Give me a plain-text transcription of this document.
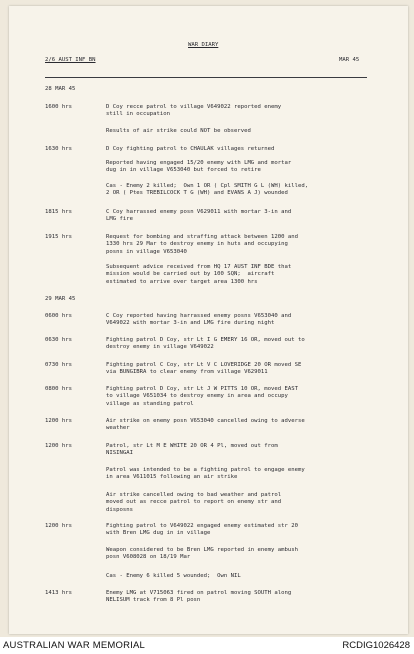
WAR DIARY
2/6 AUST INF BN	MAR 45
28 MAR 45
1600 hrs	D Coy recce patrol to village V649022 reported enemy
still in occupation
Results of air strike could NOT be observed
1630 hrs	D Coy fighting patrol to CHAULAK villages returned
Reported having engaged 15/20 enemy with LMG and mortar
dug in in village V653040 but forced to retire
Cas - Enemy 2 killed;  Own 1 OR ( Cpl SMITH G L (WH) killed,
2 OR ( Ptes TREBILCOCK T G (WH) and EVANS A J) wounded
1815 hrs	C Coy harrassed enemy posn V629011 with mortar 3-in and
LMG fire
1915 hrs	Request for bombing and straffing attack between 1200 and
1330 hrs 29 Mar to destroy enemy in huts and occupying
posns in village V653040
Subsequent advice received from HQ 17 AUST INF BDE that
mission would be carried out by 100 SQN;  aircraft
estimated to arrive over target area 1300 hrs
29 MAR 45
0600 hrs	C Coy reported having harrassed enemy posns V653040 and
V649022 with mortar 3-in and LMG fire during night
0630 hrs	Fighting patrol D Coy, str Lt I G EMERY 16 OR, moved out to
destroy enemy in village V649022
0730 hrs	Fighting patrol C Coy, str Lt V C LOVERIDGE 20 OR moved SE
via BUNGIBRA to clear enemy from village V629011
0800 hrs	Fighting patrol D Coy, str Lt J W PITTS 10 OR, moved EAST
to village V651034 to destroy enemy in area and occupy
village as standing patrol
1200 hrs	Air strike on enemy posn V653040 cancelled owing to adverse
weather
1200 hrs	Patrol, str Lt M E WHITE 20 OR 4 Pl, moved out from
NISINGAI
Patrol was intended to be a fighting patrol to engage enemy
in area V611015 following an air strike
Air strike cancelled owing to bad weather and patrol
moved out as recce patrol to report on enemy str and
disposns
1200 hrs	Fighting patrol to V649022 engaged enemy estimated str 20
with Bren LMG dug in in village
Weapon considered to be Bren LMG reported in enemy ambush
posn V608028 on 18/19 Mar
Cas - Enemy 6 killed 5 wounded;  Own NIL
1413 hrs	Enemy LMG at V715063 fired on patrol moving SOUTH along
NELISUM track from 8 Pl posn
AUSTRALIAN WAR MEMORIAL	RCDIG1026428
